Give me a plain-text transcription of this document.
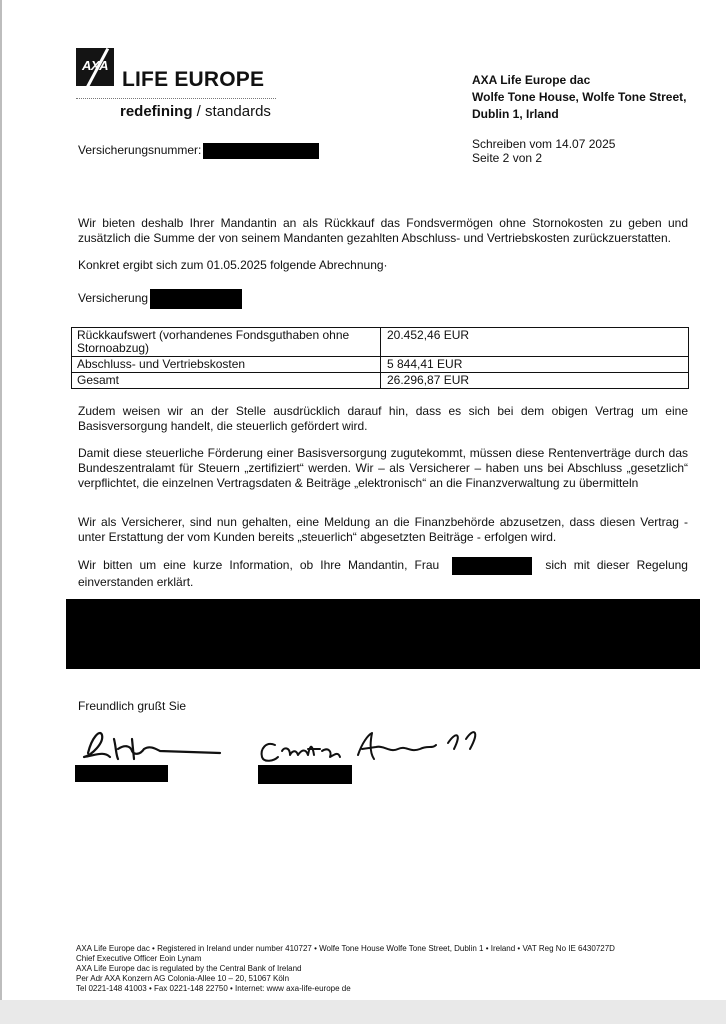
AXA
LIFE EUROPE
redefining / standards
AXA Life Europe dac
Wolfe Tone House, Wolfe Tone Street,
Dublin 1, Irland
Schreiben vom 14.07 2025
Seite 2 von 2
Versicherungsnummer:
Wir bieten deshalb Ihrer Mandantin an als Rückkauf das Fondsvermögen ohne Stornokosten zu geben und zusätzlich die Summe der von seinem Mandanten gezahlten Abschluss- und Vertriebskosten zurückzuerstatten.
Konkret ergibt sich zum 01.05.2025 folgende Abrechnung·
Versicherung
Rückkaufswert (vorhandenes Fondsguthaben ohne Stornoabzug)	20.452,46 EUR
Abschluss- und Vertriebskosten	5 844,41 EUR
Gesamt	26.296,87 EUR
Zudem weisen wir an der Stelle ausdrücklich darauf hin, dass es sich bei dem obigen Vertrag um eine Basisversorgung handelt, die steuerlich gefördert wird.
Damit diese steuerliche Förderung einer Basisversorgung zugutekommt, müssen diese Rentenverträge durch das Bundeszentralamt für Steuern „zertifiziert“ werden. Wir – als Versicherer – haben uns bei Abschluss „gesetzlich“ verpflichtet, die einzelnen Vertragsdaten & Beiträge „elektronisch“ an die Finanzverwaltung zu übermitteln
Wir als Versicherer, sind nun gehalten, eine Meldung an die Finanzbehörde abzusetzen, dass diesen Vertrag - unter Erstattung der vom Kunden bereits „steuerlich“ abgesetzten Beiträge - erfolgen wird.
Wir bitten um eine kurze Information, ob Ihre Mandantin, Frau	sich mit dieser Regelung einverstanden erklärt.
Freundlich grußt Sie
AXA Life Europe dac • Registered in Ireland under number 410727 • Wolfe Tone House Wolfe Tone Street, Dublin 1 • Ireland • VAT Reg No IE 6430727D
Chief Executive Officer Eoin Lynam
AXA Life Europe dac is regulated by the Central Bank of Ireland
Per Adr AXA Konzern AG Colonia-Allee 10 – 20, 51067 Köln
Tel 0221-148 41003 • Fax 0221-148 22750 • Internet: www axa-life-europe de
